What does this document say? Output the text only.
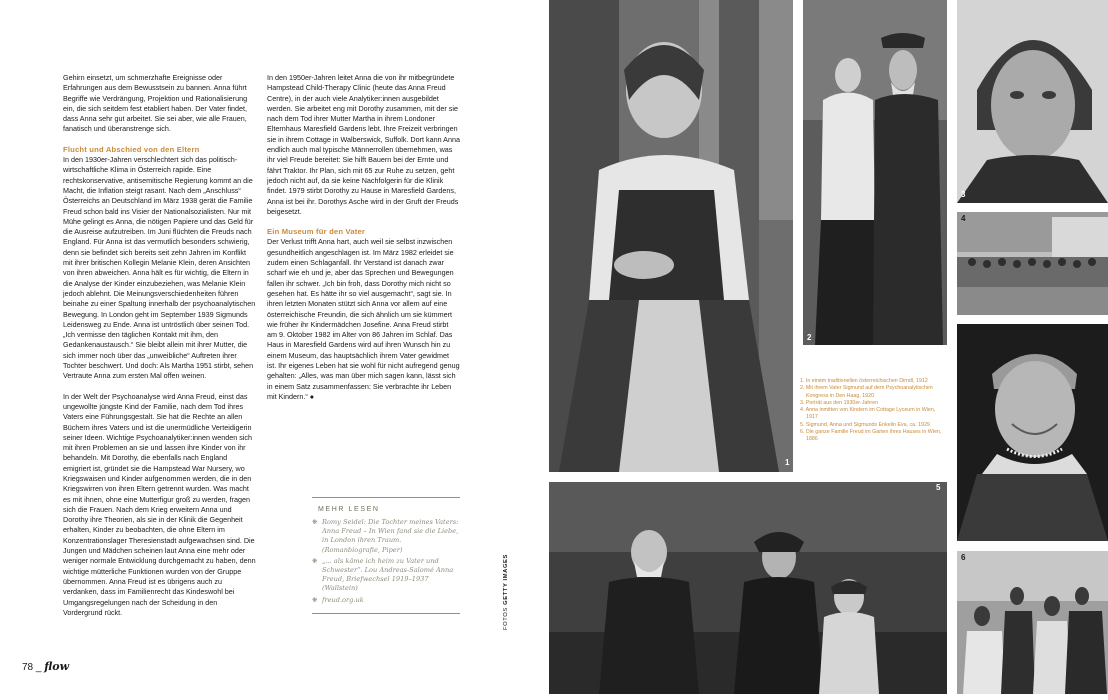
Gehirn einsetzt, um schmerzhafte Ereignisse oder Erfahrungen aus dem Bewusstsein zu bannen. Anna führt Begriffe wie Verdrängung, Projektion und Rationalisierung ein, die sich seitdem fest etabliert haben. Der Vater findet, dass Anna sehr gut arbeitet. Sie sei aber, wie alle Frauen, fanatisch und überanstrenge sich.

Flucht und Abschied von den Eltern

In den 1930er-Jahren verschlechtert sich das politisch-wirtschaftliche Klima in Österreich rapide. Eine rechtskonservative, antisemitische Regierung kommt an die Macht, die Inflation steigt rasant. Nach dem „Anschluss“ Österreichs an Deutschland im März 1938 gerät die Familie Freud schon bald ins Visier der Nationalsozialisten. Nur mit Mühe gelingt es Anna, die nötigen Papiere und das Geld für die Ausreise aufzutreiben. Im Juni flüchten die Freuds nach England. Für Anna ist das vermutlich besonders schwierig, denn sie befindet sich bereits seit zehn Jahren im Konflikt mit ihrer britischen Kollegin Melanie Klein, deren Ansichten von ihren abweichen. Anna hält es für wichtig, die Eltern in die Analyse der Kinder einzubeziehen, was Melanie Klein jedoch ablehnt. Die Meinungsverschiedenheiten führen beinahe zu einer Spaltung innerhalb der psychoanalytischen Bewegung. In London geht im September 1939 Sigmunds Leidensweg zu Ende. Anna ist untröstlich über seinen Tod. „Ich vermisse den täglichen Kontakt mit ihm, den Gedankenaustausch.“ Sie bleibt allein mit ihrer Mutter, die sich immer noch über das „unweibliche“ Auftreten ihrer Tochter beschwert. Und doch: Als Martha 1951 stirbt, sehen Vertraute Anna zum ersten Mal offen weinen.

In der Welt der Psychoanalyse wird Anna Freud, einst das ungewollte jüngste Kind der Familie, nach dem Tod ihres Vaters eine Führungsgestalt. Sie hat die Rechte an allen Büchern ihres Vaters und ist die unermüdliche Verteidigerin seiner Ideen. Wichtige Psychoanalytiker:innen wenden sich mit ihren Problemen an sie und lassen ihre Kinder von ihr behandeln. Mit Dorothy, die ebenfalls nach England emigriert ist, gründet sie die Hampstead War Nursery, wo Kriegswaisen und Kinder aufgenommen werden, die in den Kriegswirren von ihren Eltern getrennt wurden. Was macht es mit ihnen, ohne eine Mutterfigur groß zu werden, fragen sich die Frauen. Nach dem Krieg erweitern Anna und Dorothy ihre Theorien, als sie in der Klinik die Gegenheit erhalten, Kinder zu beobachten, die ohne Eltern im Konzentrationslager Theresienstadt aufgewachsen sind. Die Jungen und Mädchen scheinen laut Anna eine mehr oder weniger normale Entwicklung durchgemacht zu haben, denn wichtige mütterliche Funktionen wurden von der Gruppe übernommen. Anna Freud ist es übrigens auch zu verdanken, dass im Familienrecht das Kindeswohl bei Umgangsregelungen nach der Scheidung in den Vordergrund rückt.

In den 1950er-Jahren leitet Anna die von ihr mitbegründete Hampstead Child-Therapy Clinic (heute das Anna Freud Centre), in der auch viele Analytiker:innen ausgebildet werden. Sie arbeitet eng mit Dorothy zusammen, mit der sie nach dem Tod ihrer Mutter Martha in ihrem Londoner Elternhaus Maresfield Gardens lebt. Ihre Freizeit verbringen sie in ihrem Cottage in Walberswick, Suffolk. Dort kann Anna endlich auch mal typische Männerrollen übernehmen, was ihr viel Freude bereitet: Sie hilft Bauern bei der Ernte und fährt Traktor. Ihr Plan, sich mit 65 zur Ruhe zu setzen, geht jedoch nicht auf, da sie keine Nachfolgerin für die Klinik findet. 1979 stirbt Dorothy zu Hause in Maresfield Gardens, Anna ist bei ihr. Dorothys Asche wird in der Gruft der Freuds beigesetzt.

Ein Museum für den Vater

Der Verlust trifft Anna hart, auch weil sie selbst inzwischen gesundheitlich angeschlagen ist. Im März 1982 erleidet sie zudem einen Schlaganfall. Ihr Verstand ist danach zwar scharf wie eh und je, aber das Sprechen und Bewegungen fallen ihr schwer. „Ich bin froh, dass Dorothy mich nicht so gesehen hat. Es hätte ihr so viel ausgemacht“, sagt sie. In ihren letzten Monaten stützt sich Anna vor allem auf eine österreichische Freundin, die sich ähnlich um sie kümmert wie früher ihr Kindermädchen Josefine. Anna Freud stirbt am 9. Oktober 1982 im Alter von 86 Jahren im Schlaf. Das Haus in Maresfield Gardens wird auf ihren Wunsch hin zu einem Museum, das hauptsächlich ihrem Vater gewidmet ist. Ihr eigenes Leben hat sie wohl für nicht aufregend genug gehalten: „Alles, was man über mich sagen kann, lässt sich in einem Satz zusammenfassen: Sie verbrachte ihr Leben mit Kindern.“ ●

MEHR LESEN
❋ Romy Seidel: Die Tochter meines Vaters: Anna Freud – In Wien fand sie die Liebe, in London ihren Traum. (Romanbiografie, Piper)
❋ „... als käme ich heim zu Vater und Schwester“. Lou Andreas-Salomé Anna Freud, Briefwechsel 1919–1937 (Wallstein)
❋ freud.org.uk
FOTOS GETTY IMAGES
78 _ flow
1
2
3
4
5
6
1. In einem traditionellen österreichischen Dirndl, 1912
2. Mit ihrem Vater Sigmund auf dem Psychoanalytischen Kongress in Den Haag, 1920
3. Porträt aus den 1930er-Jahren
4. Anna inmitten von Kindern im Cottage Lyceum in Wien, 1917
5. Sigmund, Anna und Sigmunds Enkelin Eva, ca. 1929
6. Die ganze Familie Freud im Garten ihres Hauses in Wien, 1886
